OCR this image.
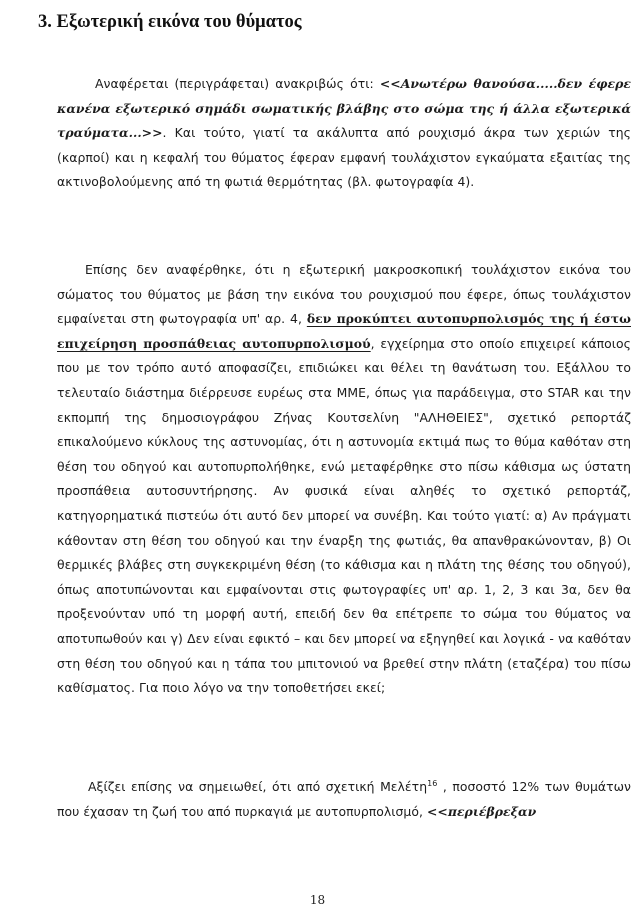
3. Εξωτερική εικόνα του θύματος

Αναφέρεται (περιγράφεται) ανακριβώς ότι: <<Ανωτέρω θανούσα.....δεν έφερε κανένα εξωτερικό σημάδι σωματικής βλάβης στο σώμα της ή άλλα εξωτερικά τραύματα...>>. Και τούτο, γιατί τα ακάλυπτα από ρουχισμό άκρα των χεριών της (καρποί) και η κεφαλή του θύματος έφεραν εμφανή τουλάχιστον εγκαύματα εξαιτίας της ακτινοβολούμενης από τη φωτιά θερμότητας (βλ. φωτογραφία 4).

Επίσης δεν αναφέρθηκε, ότι η εξωτερική μακροσκοπική τουλάχιστον εικόνα του σώματος του θύματος με βάση την εικόνα του ρουχισμού που έφερε, όπως τουλάχιστον εμφαίνεται στη φωτογραφία υπ' αρ. 4, δεν προκύπτει αυτοπυρπολισμός της ή έστω επιχείρηση προσπάθειας αυτοπυρπολισμού, εγχείρημα στο οποίο επιχειρεί κάποιος που με τον τρόπο αυτό αποφασίζει, επιδιώκει και θέλει τη θανάτωση του. Εξάλλου το τελευταίο διάστημα διέρρευσε ευρέως στα ΜΜΕ, όπως για παράδειγμα, στο STAR και την εκπομπή της δημοσιογράφου Ζήνας Κουτσελίνη "ΑΛΗΘΕΙΕΣ", σχετικό ρεπορτάζ επικαλούμενο κύκλους της αστυνομίας, ότι η αστυνομία εκτιμά πως το θύμα καθόταν στη θέση του οδηγού και αυτοπυρπολήθηκε, ενώ μεταφέρθηκε στο πίσω κάθισμα ως ύστατη προσπάθεια αυτοσυντήρησης. Αν φυσικά είναι αληθές το σχετικό ρεπορτάζ, κατηγορηματικά πιστεύω ότι αυτό δεν μπορεί να συνέβη. Και τούτο γιατί: α) Αν πράγματι κάθονταν στη θέση του οδηγού και την έναρξη της φωτιάς, θα απανθρακώνονταν, β) Οι θερμικές βλάβες στη συγκεκριμένη θέση (το κάθισμα και η πλάτη της θέσης του οδηγού), όπως αποτυπώνονται και εμφαίνονται στις φωτογραφίες υπ' αρ. 1, 2, 3 και 3α, δεν θα προξενούνταν υπό τη μορφή αυτή, επειδή δεν θα επέτρεπε το σώμα του θύματος να αποτυπωθούν και γ) Δεν είναι εφικτό – και δεν μπορεί να εξηγηθεί και λογικά - να καθόταν στη θέση του οδηγού και η τάπα του μπιτονιού να βρεθεί στην πλάτη (εταζέρα) του πίσω καθίσματος. Για ποιο λόγο να την τοποθετήσει εκεί;

Αξίζει επίσης να σημειωθεί, ότι από σχετική Μελέτη$^{16}$ , ποσοστό 12% των θυμάτων που έχασαν τη ζωή του από πυρκαγιά με αυτοπυρπολισμό, <<περιέβρεξαν

18
